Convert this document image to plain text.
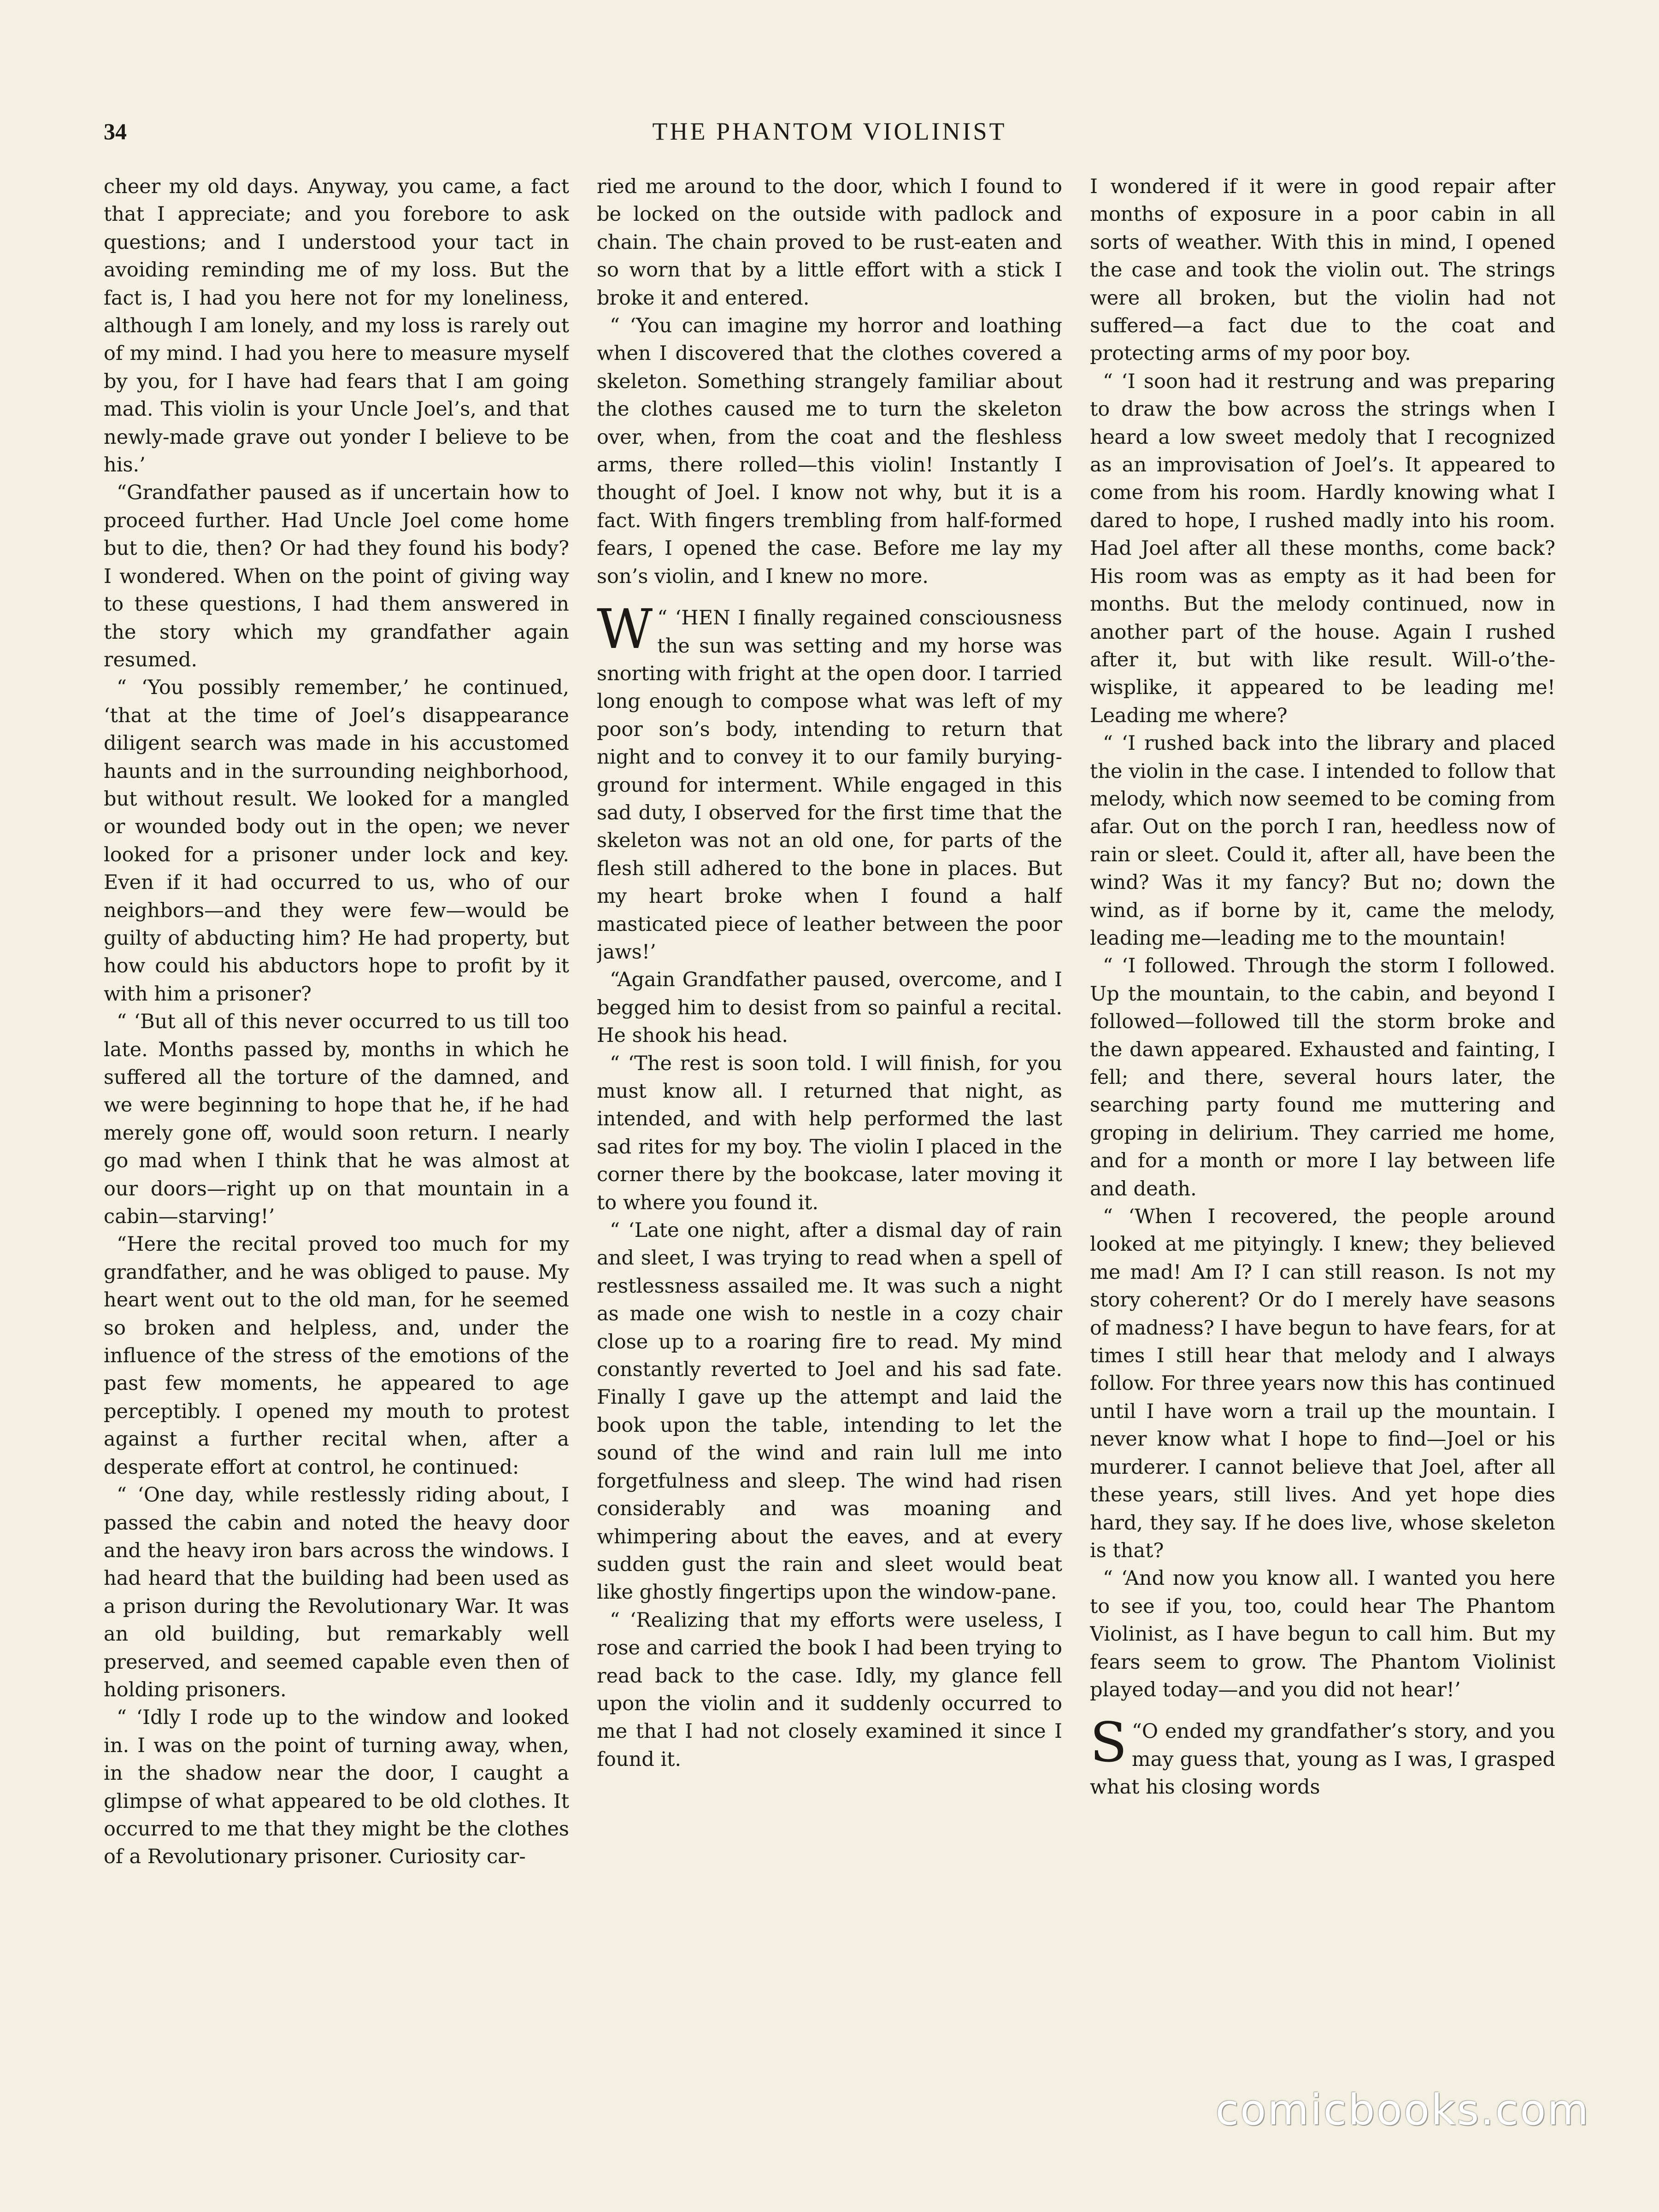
34	THE PHANTOM VIOLINIST

cheer my old days. Anyway, you came, a fact that I appreciate; and you forebore to ask questions; and I understood your tact in avoiding reminding me of my loss. But the fact is, I had you here not for my loneliness, although I am lonely, and my loss is rarely out of my mind. I had you here to measure myself by you, for I have had fears that I am going mad. This violin is your Uncle Joel’s, and that newly-made grave out yonder I believe to be his.’

“Grandfather paused as if uncertain how to proceed further. Had Uncle Joel come home but to die, then? Or had they found his body? I wondered. When on the point of giving way to these questions, I had them answered in the story which my grandfather again resumed.

“ ‘You possibly remember,’ he continued, ‘that at the time of Joel’s disappearance diligent search was made in his accustomed haunts and in the surrounding neighborhood, but without result. We looked for a mangled or wounded body out in the open; we never looked for a prisoner under lock and key. Even if it had occurred to us, who of our neighbors—and they were few—would be guilty of abducting him? He had property, but how could his abductors hope to profit by it with him a prisoner?

“ ‘But all of this never occurred to us till too late. Months passed by, months in which he suffered all the torture of the damned, and we were beginning to hope that he, if he had merely gone off, would soon return. I nearly go mad when I think that he was almost at our doors—right up on that mountain in a cabin—starving!’

“Here the recital proved too much for my grandfather, and he was obliged to pause. My heart went out to the old man, for he seemed so broken and helpless, and, under the influence of the stress of the emotions of the past few moments, he appeared to age perceptibly. I opened my mouth to protest against a further recital when, after a desperate effort at control, he continued:

“ ‘One day, while restlessly riding about, I passed the cabin and noted the heavy door and the heavy iron bars across the windows. I had heard that the building had been used as a prison during the Revolutionary War. It was an old building, but remarkably well preserved, and seemed capable even then of holding prisoners.

“ ‘Idly I rode up to the window and looked in. I was on the point of turning away, when, in the shadow near the door, I caught a glimpse of what appeared to be old clothes. It occurred to me that they might be the clothes of a Revolutionary prisoner. Curiosity car-

ried me around to the door, which I found to be locked on the outside with padlock and chain. The chain proved to be rust-eaten and so worn that by a little effort with a stick I broke it and entered.

“ ‘You can imagine my horror and loathing when I discovered that the clothes covered a skeleton. Something strangely familiar about the clothes caused me to turn the skeleton over, when, from the coat and the fleshless arms, there rolled—this violin! Instantly I thought of Joel. I know not why, but it is a fact. With fingers trembling from half-formed fears, I opened the case. Before me lay my son’s violin, and I knew no more.

“ ‘
W HEN I finally regained consciousness the sun was setting and my horse was snorting with fright at the open door. I tarried long enough to compose what was left of my poor son’s body, intending to return that night and to convey it to our family burying-ground for interment. While engaged in this sad duty, I observed for the first time that the skeleton was not an old one, for parts of the flesh still adhered to the bone in places. But my heart broke when I found a half masticated piece of leather between the poor jaws!’

“Again Grandfather paused, overcome, and I begged him to desist from so painful a recital. He shook his head.

“ ‘The rest is soon told. I will finish, for you must know all. I returned that night, as intended, and with help performed the last sad rites for my boy. The violin I placed in the corner there by the bookcase, later moving it to where you found it.

“ ‘Late one night, after a dismal day of rain and sleet, I was trying to read when a spell of restlessness assailed me. It was such a night as made one wish to nestle in a cozy chair close up to a roaring fire to read. My mind constantly reverted to Joel and his sad fate. Finally I gave up the attempt and laid the book upon the table, intending to let the sound of the wind and rain lull me into forgetfulness and sleep. The wind had risen considerably and was moaning and whimpering about the eaves, and at every sudden gust the rain and sleet would beat like ghostly fingertips upon the window-pane.

“ ‘Realizing that my efforts were useless, I rose and carried the book I had been trying to read back to the case. Idly, my glance fell upon the violin and it suddenly occurred to me that I had not closely examined it since I found it.

I wondered if it were in good repair after months of exposure in a poor cabin in all sorts of weather. With this in mind, I opened the case and took the violin out. The strings were all broken, but the violin had not suffered—a fact due to the coat and protecting arms of my poor boy.

“ ‘I soon had it restrung and was preparing to draw the bow across the strings when I heard a low sweet medoly that I recognized as an improvisation of Joel’s. It appeared to come from his room. Hardly knowing what I dared to hope, I rushed madly into his room. Had Joel after all these months, come back? His room was as empty as it had been for months. But the melody continued, now in another part of the house. Again I rushed after it, but with like result. Will-o’the-wisplike, it appeared to be leading me! Leading me where?

“ ‘I rushed back into the library and placed the violin in the case. I intended to follow that melody, which now seemed to be coming from afar. Out on the porch I ran, heedless now of rain or sleet. Could it, after all, have been the wind? Was it my fancy? But no; down the wind, as if borne by it, came the melody, leading me—leading me to the mountain!

“ ‘I followed. Through the storm I followed. Up the mountain, to the cabin, and beyond I followed—followed till the storm broke and the dawn appeared. Exhausted and fainting, I fell; and there, several hours later, the searching party found me muttering and groping in delirium. They carried me home, and for a month or more I lay between life and death.

“ ‘When I recovered, the people around looked at me pityingly. I knew; they believed me mad! Am I? I can still reason. Is not my story coherent? Or do I merely have seasons of madness? I have begun to have fears, for at times I still hear that melody and I always follow. For three years now this has continued until I have worn a trail up the mountain. I never know what I hope to find—Joel or his murderer. I cannot believe that Joel, after all these years, still lives. And yet hope dies hard, they say. If he does live, whose skeleton is that?

“ ‘And now you know all. I wanted you here to see if you, too, could hear The Phantom Violinist, as I have begun to call him. But my fears seem to grow. The Phantom Violinist played today—and you did not hear!’

“
S O ended my grandfather’s story, and you may guess that, young as I was, I grasped what his closing words

comicbooks.com
